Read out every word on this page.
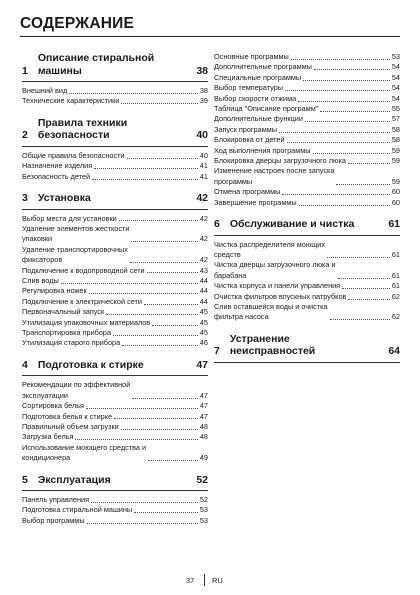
СОДЕРЖАНИЕ
1
Описание стиральной
машины	38
Внешний вид	38
Технические характеристики	39
2
Правила техники
безопасности	40
Общие правила безопасности	40
Назначение изделия	41
Безопасность детей	41
3 Установка	42
Выбор места для установки	42
Удаление элементов жесткости
упаковки	42
Удаление транспортировочных
фиксаторов	42
Подключение к водопроводной сети	43
Слив воды	44
Регулировка ножек	44
Подключение к электрической сети	44
Первоначальный запуск	45
Утилизация упаковочных материалов	45
Транспортировка прибора	45
Утилизация старого прибора	46
4 Подготовка к стирке	47
Рекомендации по эффективной
эксплуатации	47
Сортировка белья	47
Подготовка белья к стирке	47
Правильный объем загрузки	48
Загрузка белья	48
Использование моющего средства и
кондиционера	49
5 Эксплуатация	52
Панель управления	52
Подготовка стиральной машины	53
Выбор программы	53
Основные программы	53
Дополнительные программы	54
Специальные программы	54
Выбор температуры	54
Выбор скорости отжима	54
Таблица "Описание программ"	55
Дополнительные функции	57
Запуск программы	58
Блокировка от детей	58
Ход выполнения программы	59
Блокировка дверцы загрузочного люка	59
Изменение настроек после запуска
программы	59
Отмена программы	60
Завершение программы	60
6 Обслуживание и чистка	61
Чистка распределителя моющих
средств	61
Чистка дверцы загрузочного люка и
барабана	61
Чистка корпуса и панели управления	61
Очистка фильтров впускных патрубков	62
Слив оставшейся воды и очистка
фильтра насоса	62
7
Устранение
неисправностей	64
37 RU
